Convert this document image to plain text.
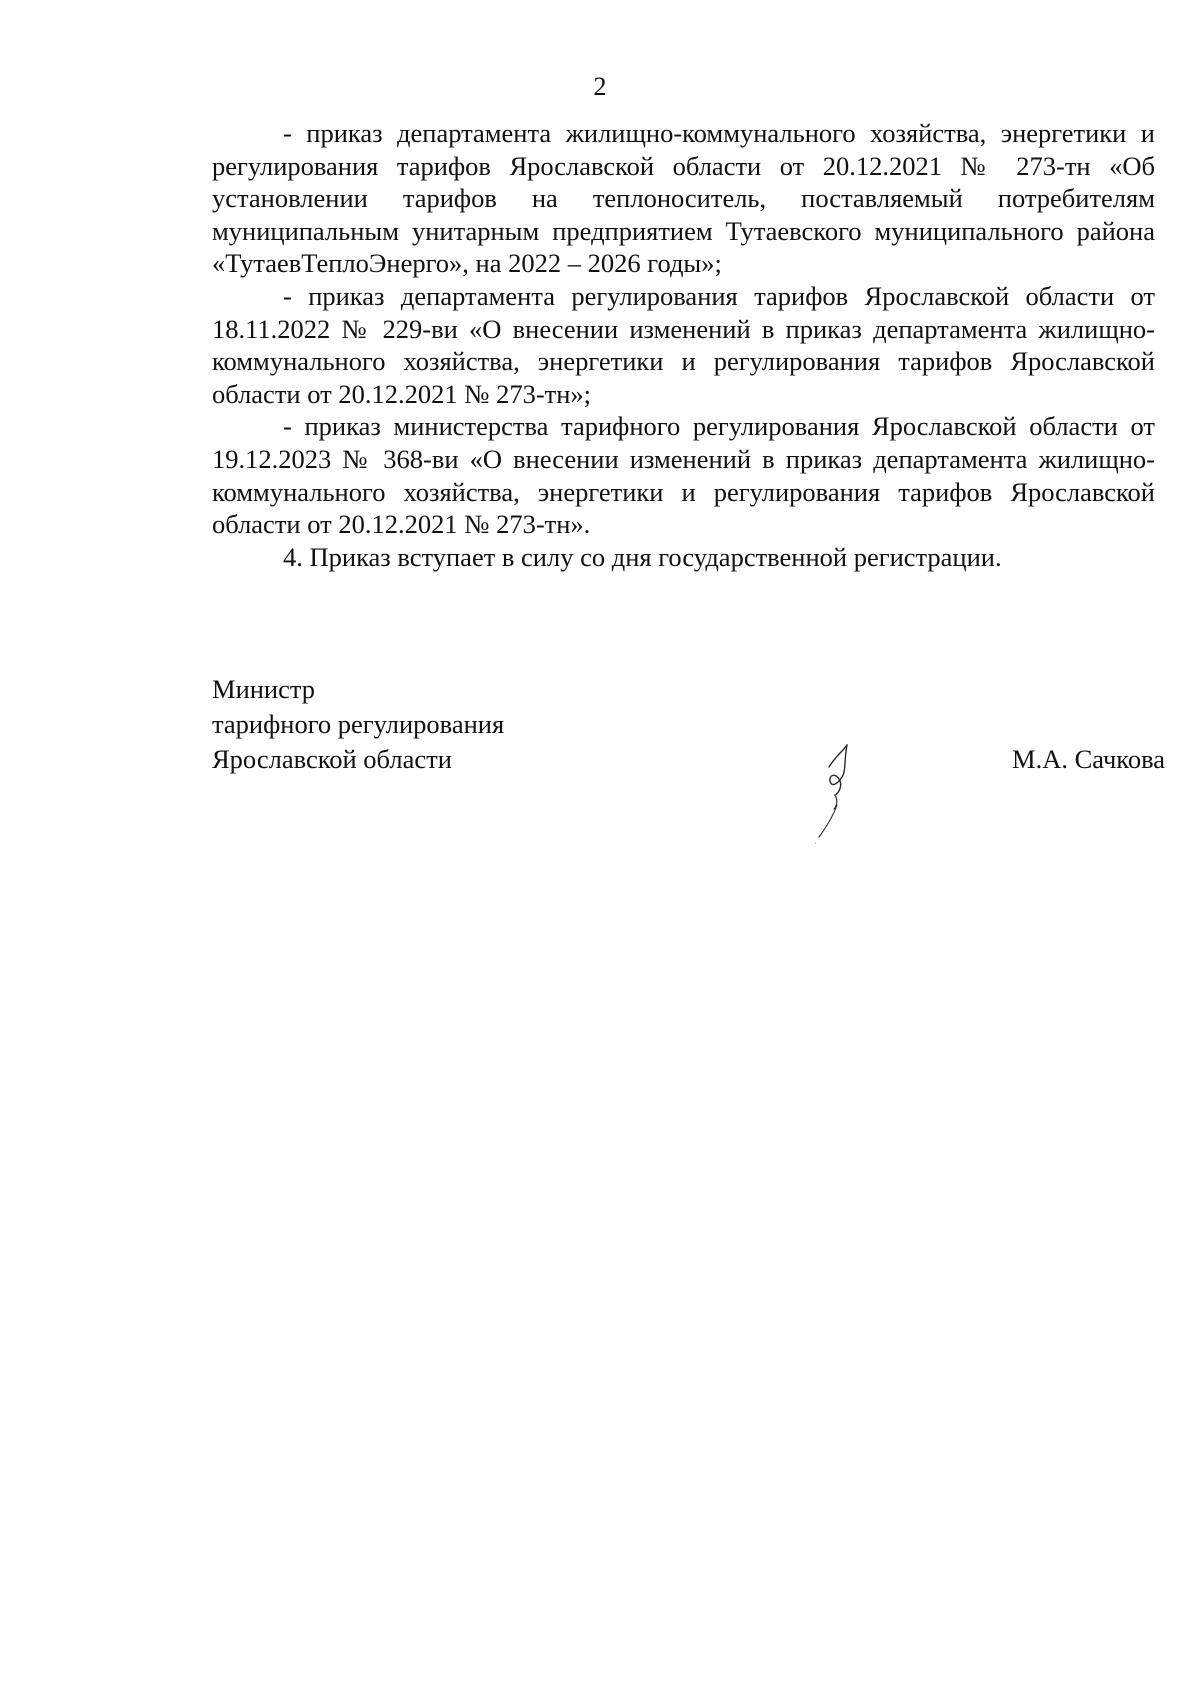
2

- приказ департамента жилищно-коммунального хозяйства, энергетики и регулирования тарифов Ярославской области от 20.12.2021 № 273-тн «Об установлении тарифов на теплоноситель, поставляемый потребителям муниципальным унитарным предприятием Тутаевского муниципального района «ТутаевТеплоЭнерго», на 2022 – 2026 годы»;

- приказ департамента регулирования тарифов Ярославской области от 18.11.2022 № 229-ви «О внесении изменений в приказ департамента жилищно-коммунального хозяйства, энергетики и регулирования тарифов Ярославской области от 20.12.2021 № 273-тн»;

- приказ министерства тарифного регулирования Ярославской области от 19.12.2023 № 368-ви «О внесении изменений в приказ департамента жилищно-коммунального хозяйства, энергетики и регулирования тарифов Ярославской области от 20.12.2021 № 273-тн».

4. Приказ вступает в силу со дня государственной регистрации.

Министр
тарифного регулирования
Ярославской области	М.А. Сачкова
